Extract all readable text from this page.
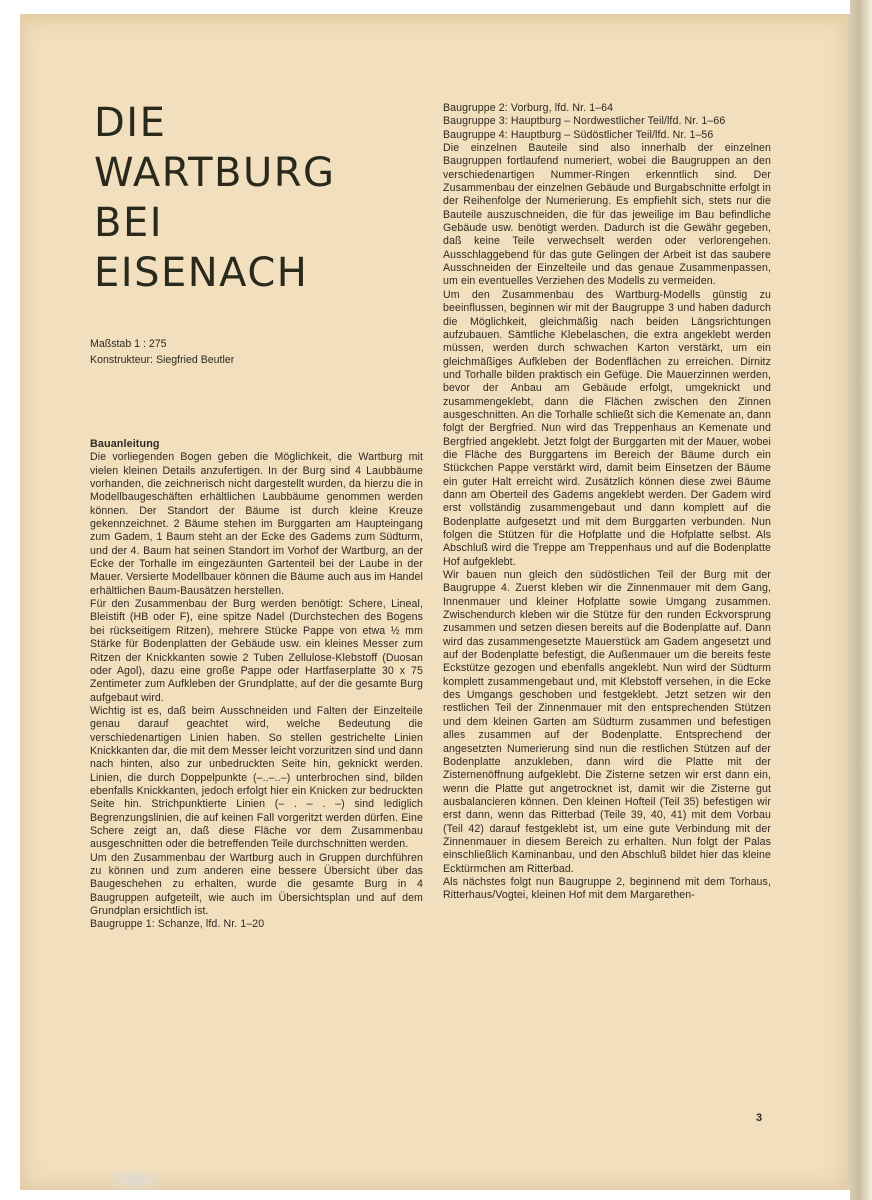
DIE
WARTBURG
BEI
EISENACH
Maßstab 1 : 275
Konstrukteur: Siegfried Beutler

Bauanleitung

Die vorliegenden Bogen geben die Möglichkeit, die Wartburg mit vielen kleinen Details anzufertigen. In der Burg sind 4 Laubbäume vorhanden, die zeichnerisch nicht dargestellt wurden, da hierzu die in Modellbaugeschäften erhältlichen Laubbäume genommen werden können. Der Standort der Bäume ist durch kleine Kreuze gekennzeichnet. 2 Bäume stehen im Burggarten am Haupteingang zum Gadem, 1 Baum steht an der Ecke des Gadems zum Südturm, und der 4. Baum hat seinen Standort im Vorhof der Wartburg, an der Ecke der Torhalle im eingezäunten Gartenteil bei der Laube in der Mauer. Versierte Modellbauer können die Bäume auch aus im Handel erhältlichen Baum-Bausätzen herstellen.

Für den Zusammenbau der Burg werden benötigt: Schere, Lineal, Bleistift (HB oder F), eine spitze Nadel (Durchstechen des Bogens bei rückseitigem Ritzen), mehrere Stücke Pappe von etwa ½ mm Stärke für Bodenplatten der Gebäude usw. ein kleines Messer zum Ritzen der Knickkanten sowie 2 Tuben Zellulose-Klebstoff (Duosan oder Agol), dazu eine große Pappe oder Hartfaserplatte 30 x 75 Zentimeter zum Aufkleben der Grundplatte, auf der die gesamte Burg aufgebaut wird.

Wichtig ist es, daß beim Ausschneiden und Falten der Einzelteile genau darauf geachtet wird, welche Bedeutung die verschiedenartigen Linien haben. So stellen gestrichelte Linien Knickkanten dar, die mit dem Messer leicht vorzuritzen sind und dann nach hinten, also zur unbedruckten Seite hin, geknickt werden. Linien, die durch Doppelpunkte (–..–..–) unterbrochen sind, bilden ebenfalls Knickkanten, jedoch erfolgt hier ein Knicken zur bedruckten Seite hin. Strichpunktierte Linien (– . – . –) sind lediglich Begrenzungslinien, die auf keinen Fall vorgeritzt werden dürfen. Eine Schere zeigt an, daß diese Fläche vor dem Zusammenbau ausgeschnitten oder die betreffenden Teile durchschnitten werden.

Um den Zusammenbau der Wartburg auch in Gruppen durchführen zu können und zum anderen eine bessere Übersicht über das Baugeschehen zu erhalten, wurde die gesamte Burg in 4 Baugruppen aufgeteilt, wie auch im Übersichtsplan und auf dem Grundplan ersichtlich ist.

Baugruppe 1: Schanze, lfd. Nr. 1–20

Baugruppe 2: Vorburg, lfd. Nr. 1–64

Baugruppe 3: Hauptburg – Nordwestlicher Teil/lfd. Nr. 1–66

Baugruppe 4: Hauptburg – Südöstlicher Teil/lfd. Nr. 1–56

Die einzelnen Bauteile sind also innerhalb der einzelnen Baugruppen fortlaufend numeriert, wobei die Baugruppen an den verschiedenartigen Nummer-Ringen erkenntlich sind. Der Zusammenbau der einzelnen Gebäude und Burgabschnitte erfolgt in der Reihenfolge der Numerierung. Es empfiehlt sich, stets nur die Bauteile auszuschneiden, die für das jeweilige im Bau befindliche Gebäude usw. benötigt werden. Dadurch ist die Gewähr gegeben, daß keine Teile verwechselt werden oder verlorengehen. Ausschlaggebend für das gute Gelingen der Arbeit ist das saubere Ausschneiden der Einzelteile und das genaue Zusammenpassen, um ein eventuelles Verziehen des Modells zu vermeiden.

Um den Zusammenbau des Wartburg-Modells günstig zu beeinflussen, beginnen wir mit der Baugruppe 3 und haben dadurch die Möglichkeit, gleichmäßig nach beiden Längsrichtungen aufzubauen. Sämtliche Klebelaschen, die extra angeklebt werden müssen, werden durch schwachen Karton verstärkt, um ein gleichmäßiges Aufkleben der Bodenflächen zu erreichen. Dirnitz und Torhalle bilden praktisch ein Gefüge. Die Mauerzinnen werden, bevor der Anbau am Gebäude erfolgt, umgeknickt und zusammengeklebt, dann die Flächen zwischen den Zinnen ausgeschnitten. An die Torhalle schließt sich die Kemenate an, dann folgt der Bergfried. Nun wird das Treppenhaus an Kemenate und Bergfried angeklebt. Jetzt folgt der Burggarten mit der Mauer, wobei die Fläche des Burggartens im Bereich der Bäume durch ein Stückchen Pappe verstärkt wird, damit beim Einsetzen der Bäume ein guter Halt erreicht wird. Zusätzlich können diese zwei Bäume dann am Oberteil des Gadems angeklebt werden. Der Gadem wird erst vollständig zusammengebaut und dann komplett auf die Bodenplatte aufgesetzt und mit dem Burggarten verbunden. Nun folgen die Stützen für die Hofplatte und die Hofplatte selbst. Als Abschluß wird die Treppe am Treppenhaus und auf die Bodenplatte Hof aufgeklebt.

Wir bauen nun gleich den südöstlichen Teil der Burg mit der Baugruppe 4. Zuerst kleben wir die Zinnenmauer mit dem Gang, Innenmauer und kleiner Hofplatte sowie Umgang zusammen. Zwischendurch kleben wir die Stütze für den runden Eckvorsprung zusammen und setzen diesen bereits auf die Bodenplatte auf. Dann wird das zusammengesetzte Mauerstück am Gadem angesetzt und auf der Bodenplatte befestigt, die Außenmauer um die bereits feste Eckstütze gezogen und ebenfalls angeklebt. Nun wird der Südturm komplett zusammengebaut und, mit Klebstoff versehen, in die Ecke des Umgangs geschoben und festgeklebt. Jetzt setzen wir den restlichen Teil der Zinnenmauer mit den entsprechenden Stützen und dem kleinen Garten am Südturm zusammen und befestigen alles zusammen auf der Bodenplatte. Entsprechend der angesetzten Numerierung sind nun die restlichen Stützen auf der Bodenplatte anzukleben, dann wird die Platte mit der Zisternenöffnung aufgeklebt. Die Zisterne setzen wir erst dann ein, wenn die Platte gut angetrocknet ist, damit wir die Zisterne gut ausbalancieren können. Den kleinen Hofteil (Teil 35) befestigen wir erst dann, wenn das Ritterbad (Teile 39, 40, 41) mit dem Vorbau (Teil 42) darauf festgeklebt ist, um eine gute Verbindung mit der Zinnenmauer in diesem Bereich zu erhalten. Nun folgt der Palas einschließlich Kaminanbau, und den Abschluß bildet hier das kleine Ecktürmchen am Ritterbad.

Als nächstes folgt nun Baugruppe 2, beginnend mit dem Torhaus, Ritterhaus/Vogtei, kleinen Hof mit dem Margarethen-

3
